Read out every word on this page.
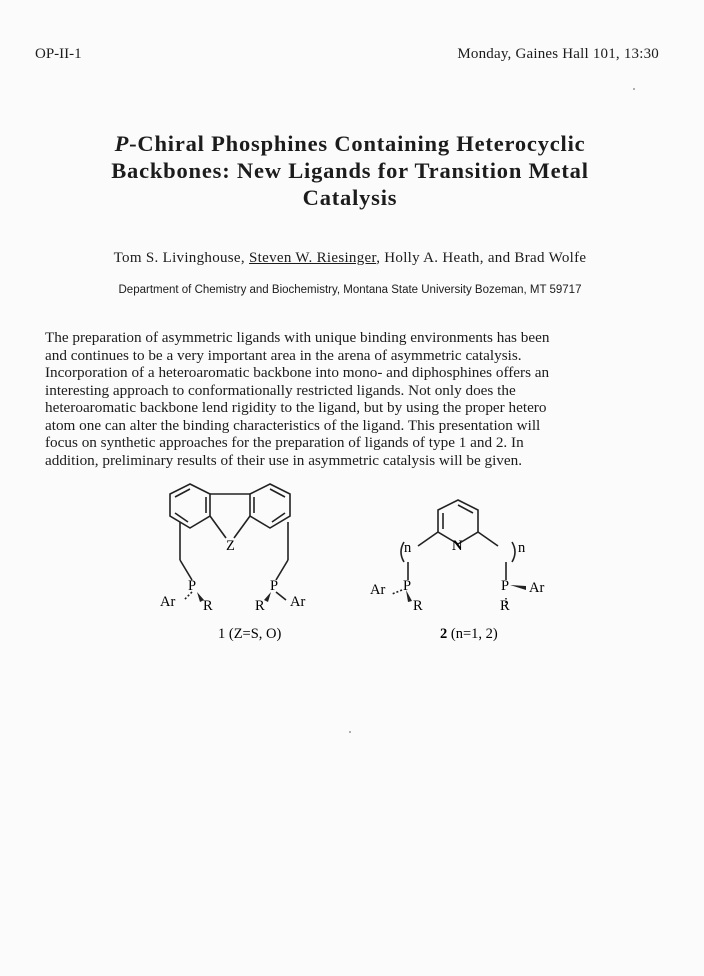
OP-II-1	Monday, Gaines Hall 101, 13:30
P-Chiral Phosphines Containing Heterocyclic
Backbones: New Ligands for Transition Metal
Catalysis
Tom S. Livinghouse, Steven W. Riesinger, Holly A. Heath, and Brad Wolfe
Department of Chemistry and Biochemistry, Montana State University Bozeman, MT 59717
The preparation of asymmetric ligands with unique binding environments has been
and continues to be a very important area in the arena of asymmetric catalysis.
Incorporation of a heteroaromatic backbone into mono- and diphosphines offers an
interesting approach to conformationally restricted ligands. Not only does the
heteroaromatic backbone lend rigidity to the ligand, but by using the proper hetero
atom one can alter the binding characteristics of the ligand. This presentation will
focus on synthetic approaches for the preparation of ligands of type 1 and 2. In
addition, preliminary results of their use in asymmetric catalysis will be given.
Z
P	P
Ar R	R Ar
1 (Z=S, O)
N
n	n
P	P
Ar	Ar
R	R
2 (n=1, 2)
